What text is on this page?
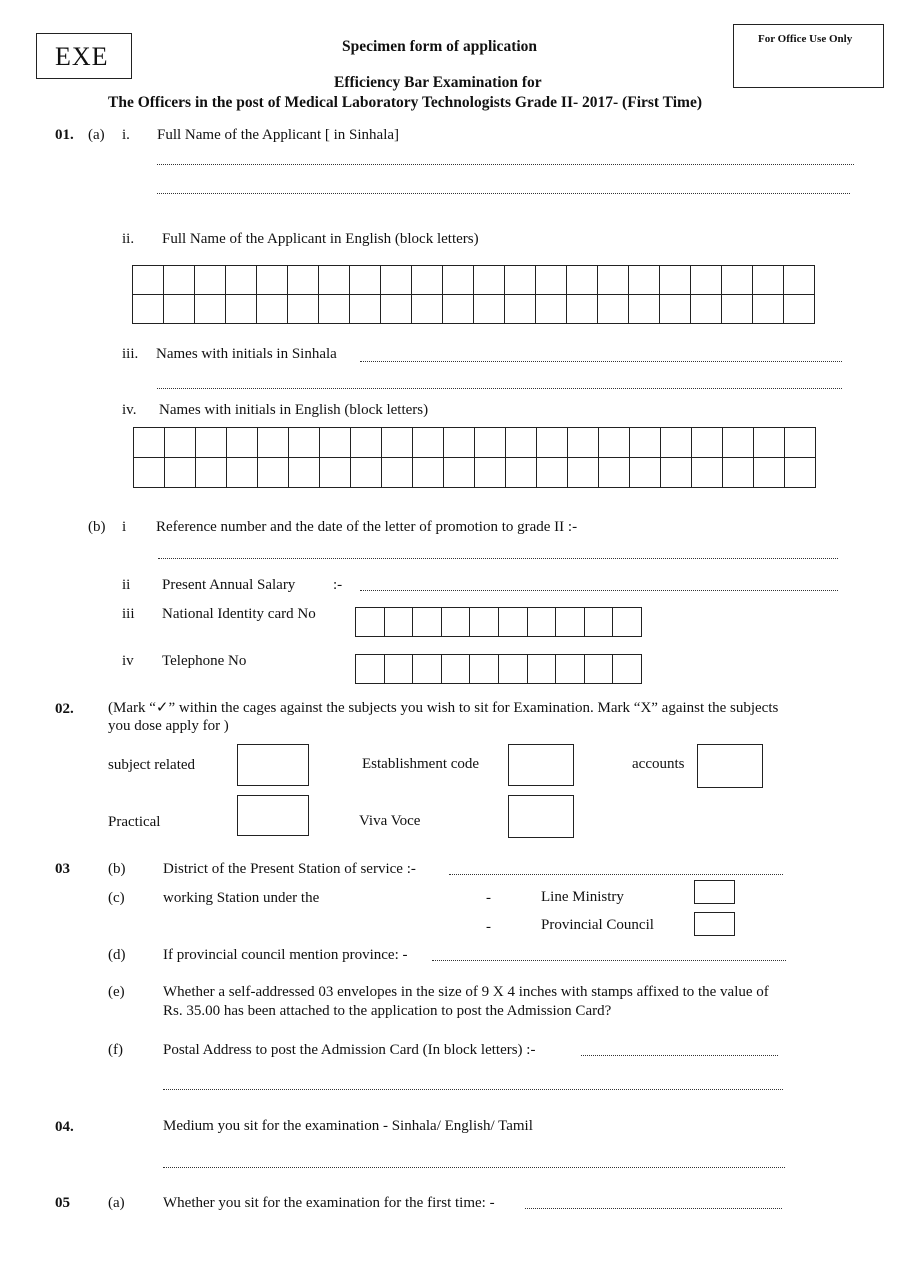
EXE
For Office Use Only
Specimen form of application
Efficiency Bar Examination for
The Officers in the post of Medical Laboratory Technologists Grade II- 2017- (First Time)
01. (a) i. Full Name of the Applicant [ in Sinhala]
ii. Full Name of the Applicant in English (block letters)
iii. Names with initials in Sinhala
iv. Names with initials in English (block letters)
(b) i Reference number and the date of the letter of promotion to grade II :-
ii Present Annual Salary	:-
iii National Identity card No
iv Telephone No
02. (Mark “✓” within the cages against the subjects you wish to sit for Examination. Mark “X” against the subjects
you dose apply for )
subject related	Establishment code	accounts
Practical	Viva Voce
03	(b)	District of the Present Station of service :-
(c)	working Station under the	-	Line Ministry
-	Provincial Council
(d)	If provincial council mention province: -
(e)	Whether a self-addressed 03 envelopes in the size of 9 X 4 inches with stamps affixed to the value of
Rs. 35.00 has been attached to the application to post the Admission Card?
(f)	Postal Address to post the Admission Card (In block letters) :-
04.	Medium you sit for the examination - Sinhala/ English/ Tamil
05	(a)	Whether you sit for the examination for the first time: -
